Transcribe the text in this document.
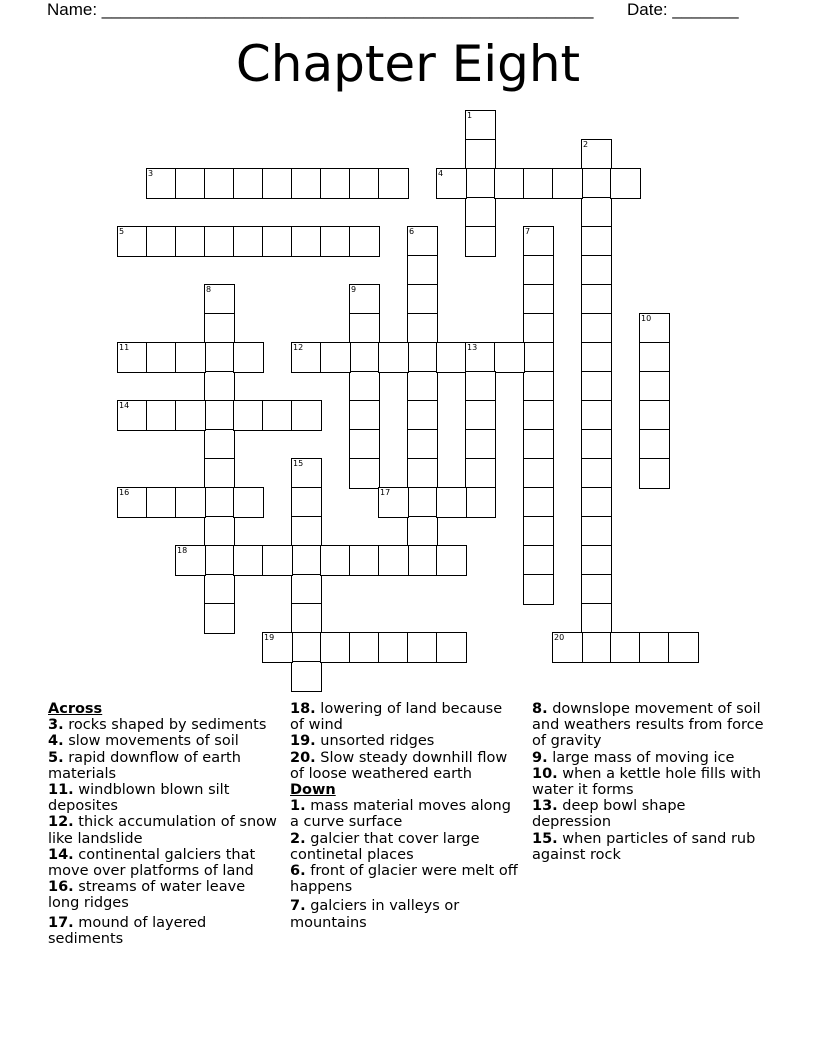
Name: ____________________________________________________ Date: _______
Chapter Eight
1
2
3	4
5	6	7
8	9
10
11	12	13
14
15
16	17
18
19	20
Across
3. rocks shaped by sediments
4. slow movements of soil
5. rapid downflow of earth materials
11. windblown blown silt deposites
12. thick accumulation of snow like landslide
14. continental galciers that move over platforms of land
16. streams of water leave long ridges
17. mound of layered sediments
18. lowering of land because of wind
19. unsorted ridges
20. Slow steady downhill flow of loose weathered earth
Down
1. mass material moves along a curve surface
2. galcier that cover large continetal places
6. front of glacier were melt off happens
7. galciers in valleys or mountains
8. downslope movement of soil and weathers results from force of gravity
9. large mass of moving ice
10. when a kettle hole fills with water it forms
13. deep bowl shape depression
15. when particles of sand rub against rock
